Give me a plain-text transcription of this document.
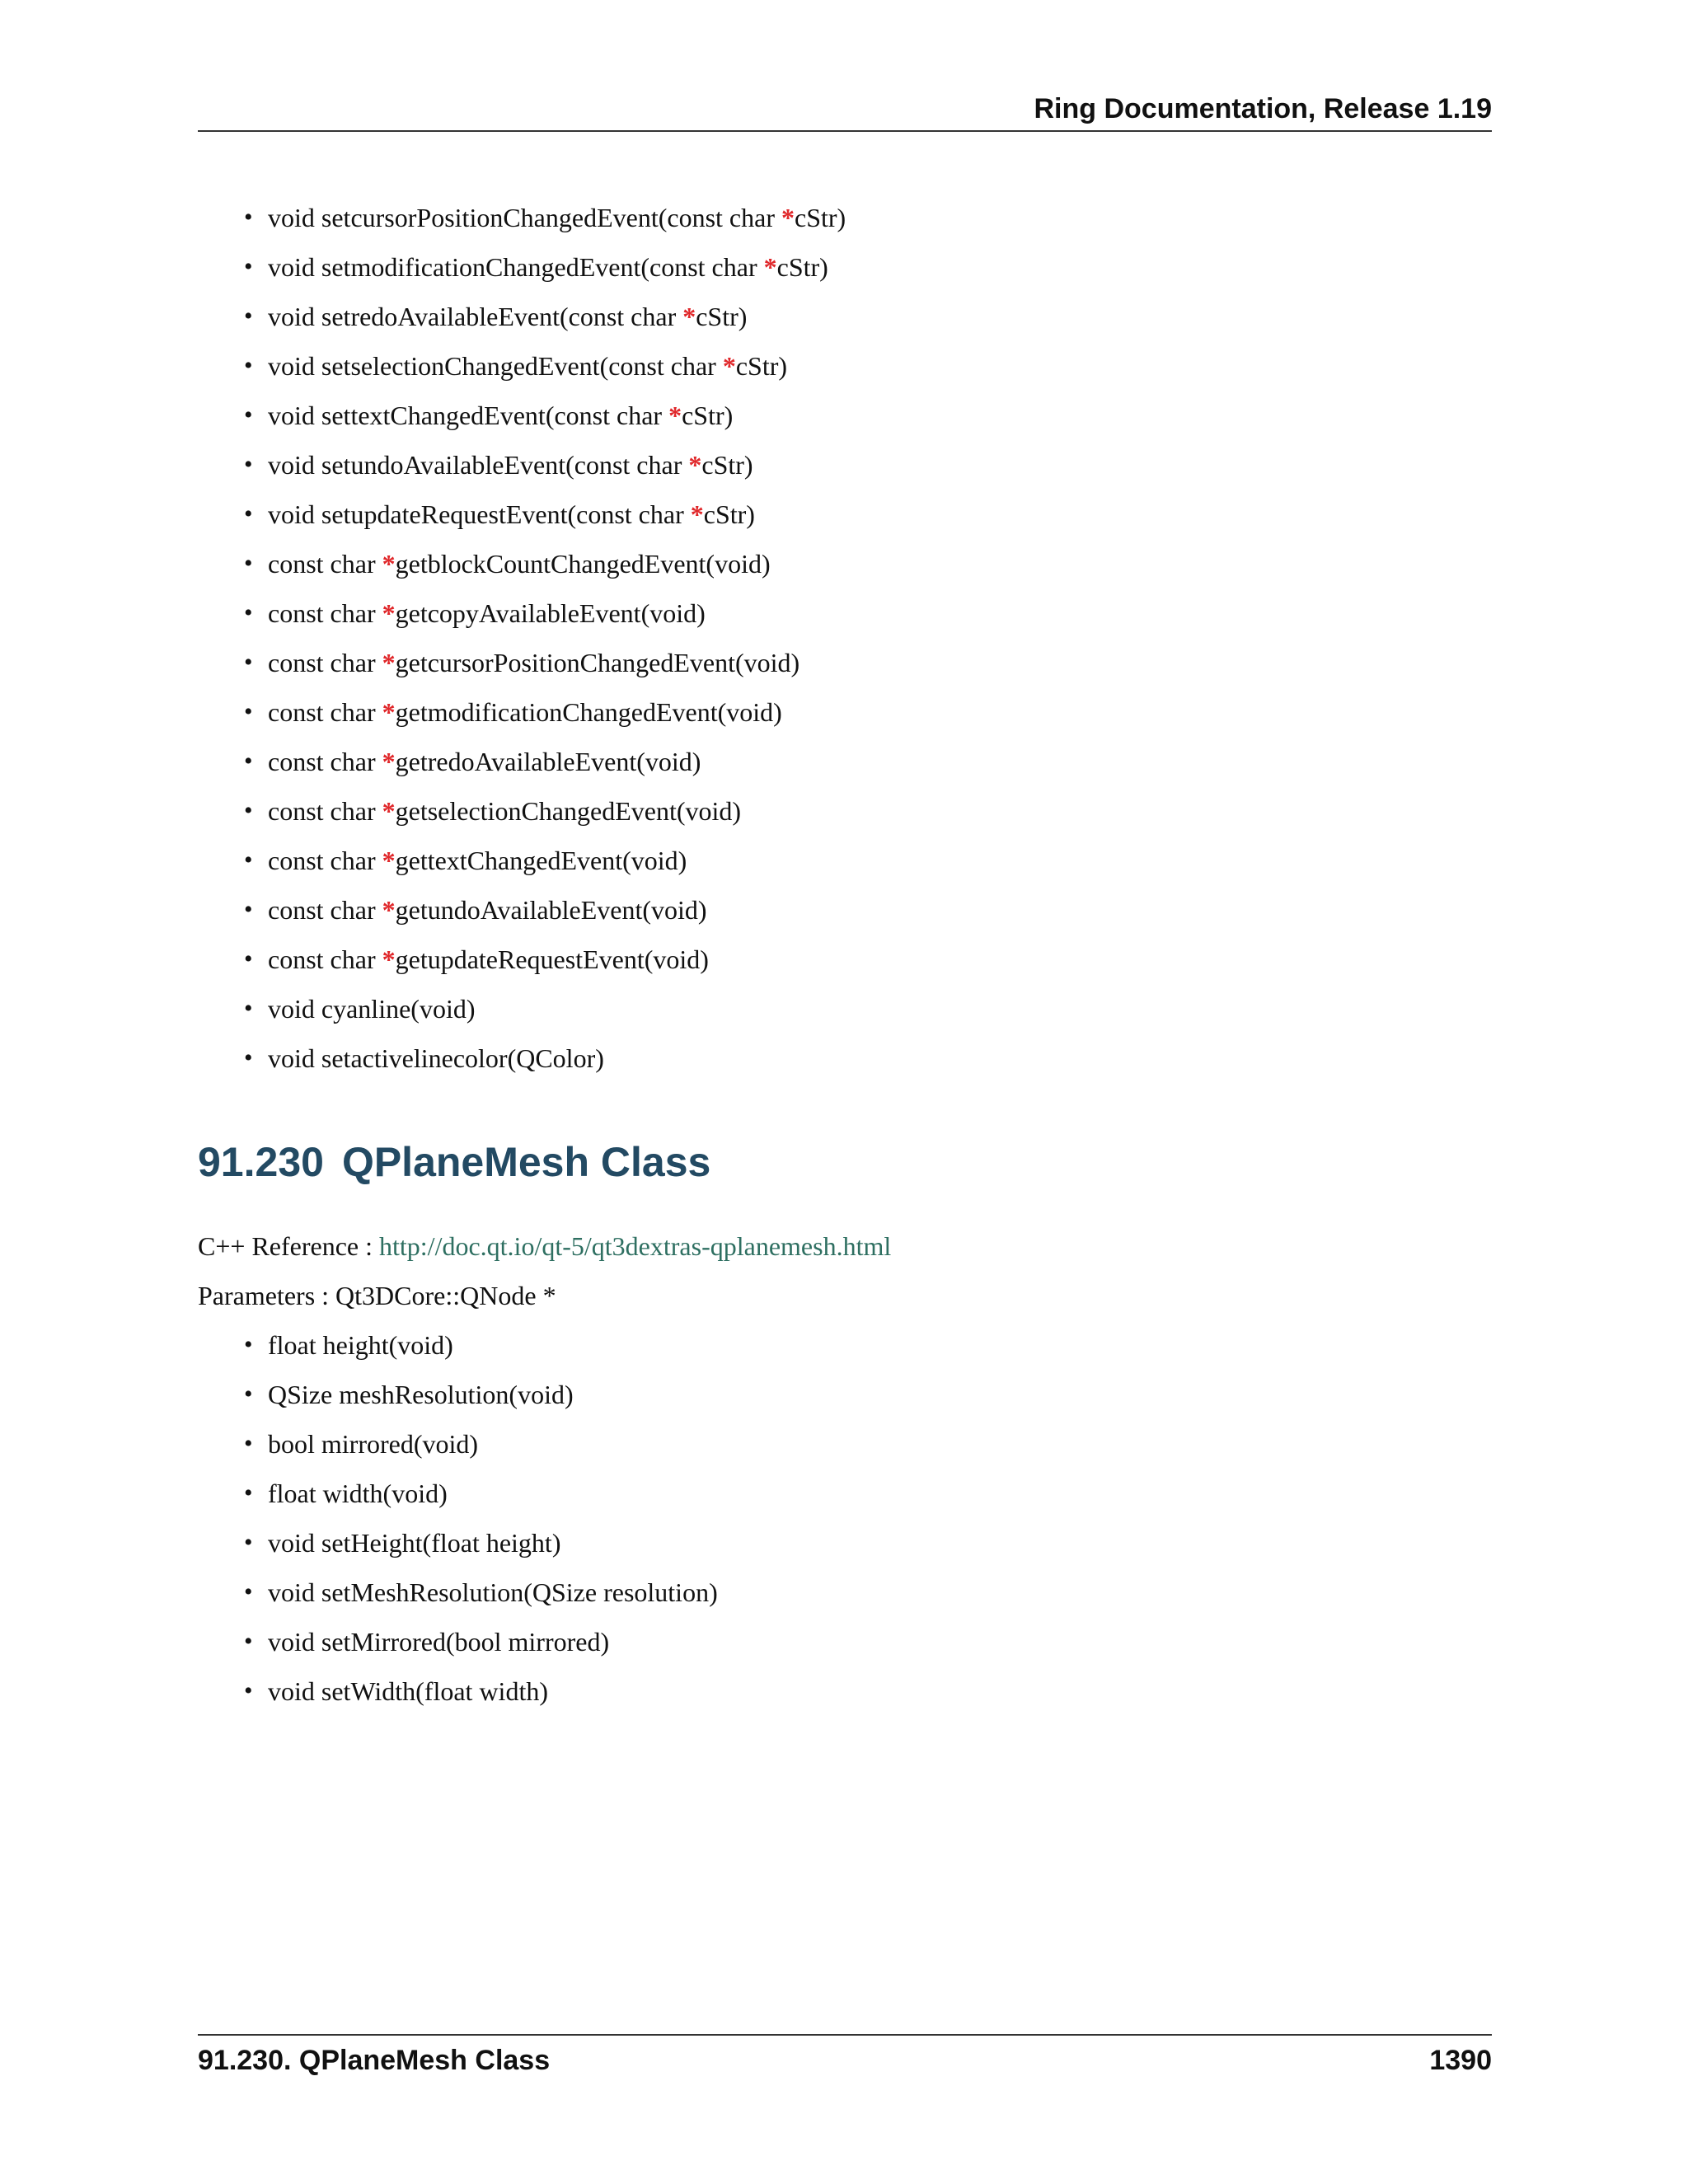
Ring Documentation, Release 1.19
• void setcursorPositionChangedEvent(const char *cStr)
• void setmodificationChangedEvent(const char *cStr)
• void setredoAvailableEvent(const char *cStr)
• void setselectionChangedEvent(const char *cStr)
• void settextChangedEvent(const char *cStr)
• void setundoAvailableEvent(const char *cStr)
• void setupdateRequestEvent(const char *cStr)
• const char *getblockCountChangedEvent(void)
• const char *getcopyAvailableEvent(void)
• const char *getcursorPositionChangedEvent(void)
• const char *getmodificationChangedEvent(void)
• const char *getredoAvailableEvent(void)
• const char *getselectionChangedEvent(void)
• const char *gettextChangedEvent(void)
• const char *getundoAvailableEvent(void)
• const char *getupdateRequestEvent(void)
• void cyanline(void)
• void setactivelinecolor(QColor)
91.230 QPlaneMesh Class
C++ Reference : http://doc.qt.io/qt-5/qt3dextras-qplanemesh.html
Parameters : Qt3DCore::QNode *
• float height(void)
• QSize meshResolution(void)
• bool mirrored(void)
• float width(void)
• void setHeight(float height)
• void setMeshResolution(QSize resolution)
• void setMirrored(bool mirrored)
• void setWidth(float width)
91.230. QPlaneMesh Class	1390
